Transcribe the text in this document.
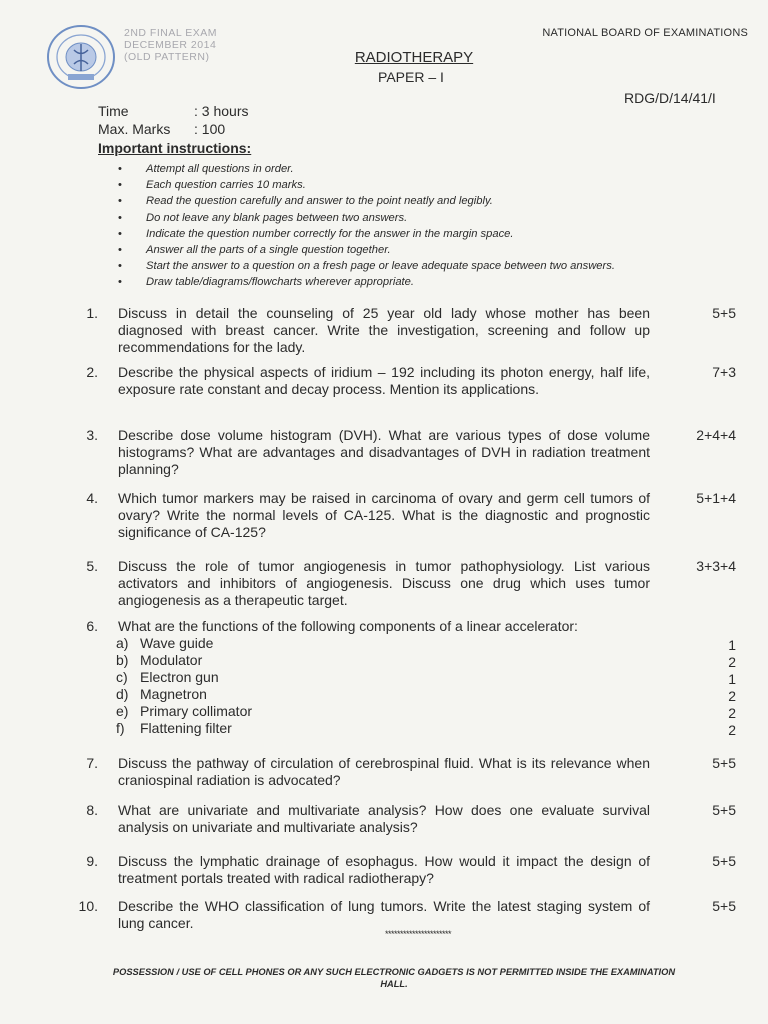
2ND FINAL EXAM
DECEMBER 2014
(OLD PATTERN)
NATIONAL BOARD OF EXAMINATIONS
RADIOTHERAPY
PAPER – I
RDG/D/14/41/I
Time	: 3 hours
Max. Marks : 100
Important instructions:
• Attempt all questions in order.
• Each question carries 10 marks.
• Read the question carefully and answer to the point neatly and legibly.
• Do not leave any blank pages between two answers.
• Indicate the question number correctly for the answer in the margin space.
• Answer all the parts of a single question together.
• Start the answer to a question on a fresh page or leave adequate space between two answers.
• Draw table/diagrams/flowcharts wherever appropriate.
1. Discuss in detail the counseling of 25 year old lady whose mother has been diagnosed with breast cancer. Write the investigation, screening and follow up recommendations for the lady.
5+5
2. Describe the physical aspects of iridium – 192 including its photon energy, half life, exposure rate constant and decay process. Mention its applications.
7+3
3. Describe dose volume histogram (DVH). What are various types of dose volume histograms? What are advantages and disadvantages of DVH in radiation treatment planning?
2+4+4
4. Which tumor markers may be raised in carcinoma of ovary and germ cell tumors of ovary? Write the normal levels of CA-125. What is the diagnostic and prognostic significance of CA-125?
5+1+4
5. Discuss the role of tumor angiogenesis in tumor pathophysiology. List various activators and inhibitors of angiogenesis. Discuss one drug which uses tumor angiogenesis as a therapeutic target.
3+3+4
6. What are the functions of the following components of a linear accelerator:
a) Wave guide	1
b) Modulator	2
c) Electron gun	1
d) Magnetron	2
e) Primary collimator	2
f) Flattening filter	2
7. Discuss the pathway of circulation of cerebrospinal fluid. What is its relevance when craniospinal radiation is advocated?
5+5
8. What are univariate and multivariate analysis? How does one evaluate survival analysis on univariate and multivariate analysis?
5+5
9. Discuss the lymphatic drainage of esophagus. How would it impact the design of treatment portals treated with radical radiotherapy?
5+5
10. Describe the WHO classification of lung tumors. Write the latest staging system of lung cancer.
5+5
**********************
POSSESSION / USE OF CELL PHONES OR ANY SUCH ELECTRONIC GADGETS IS NOT PERMITTED INSIDE THE EXAMINATION HALL.
